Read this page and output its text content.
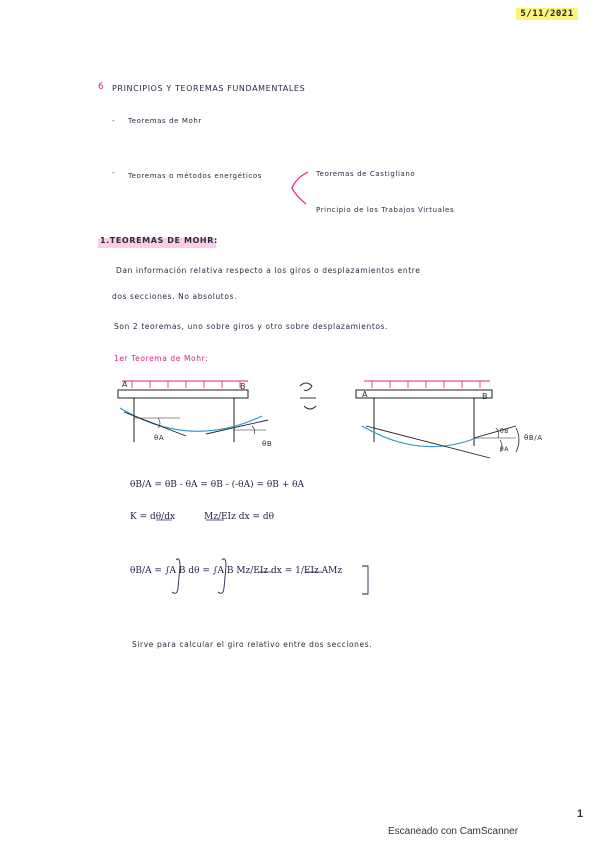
5/11/2021
6 PRINCIPIOS Y TEOREMAS FUNDAMENTALES
- Teoremas de Mohr
- Teoremas o métodos energéticos	Teoremas de Castigliano
Principio de los Trabajos Virtuales
1.TEOREMAS DE MOHR:
Dan información relativa respecto a los giros o desplazamientos entre
dos secciones. No absolutos.
Son 2 teoremas, uno sobre giros y otro sobre desplazamientos.
1er Teorema de Mohr:
A	B
θA
θB
A	B
θB
θA
θB/A
θB/A = θB - θA = θB - (-θA) = θB + θA
K = dθ/dx	Mz/EIz dx = dθ
θB/A = ∫A B dθ = ∫A B Mz/EIz dx = 1/EIz AMz
Sirve para calcular el giro relativo entre dos secciones.
1
Escaneado con CamScanner
